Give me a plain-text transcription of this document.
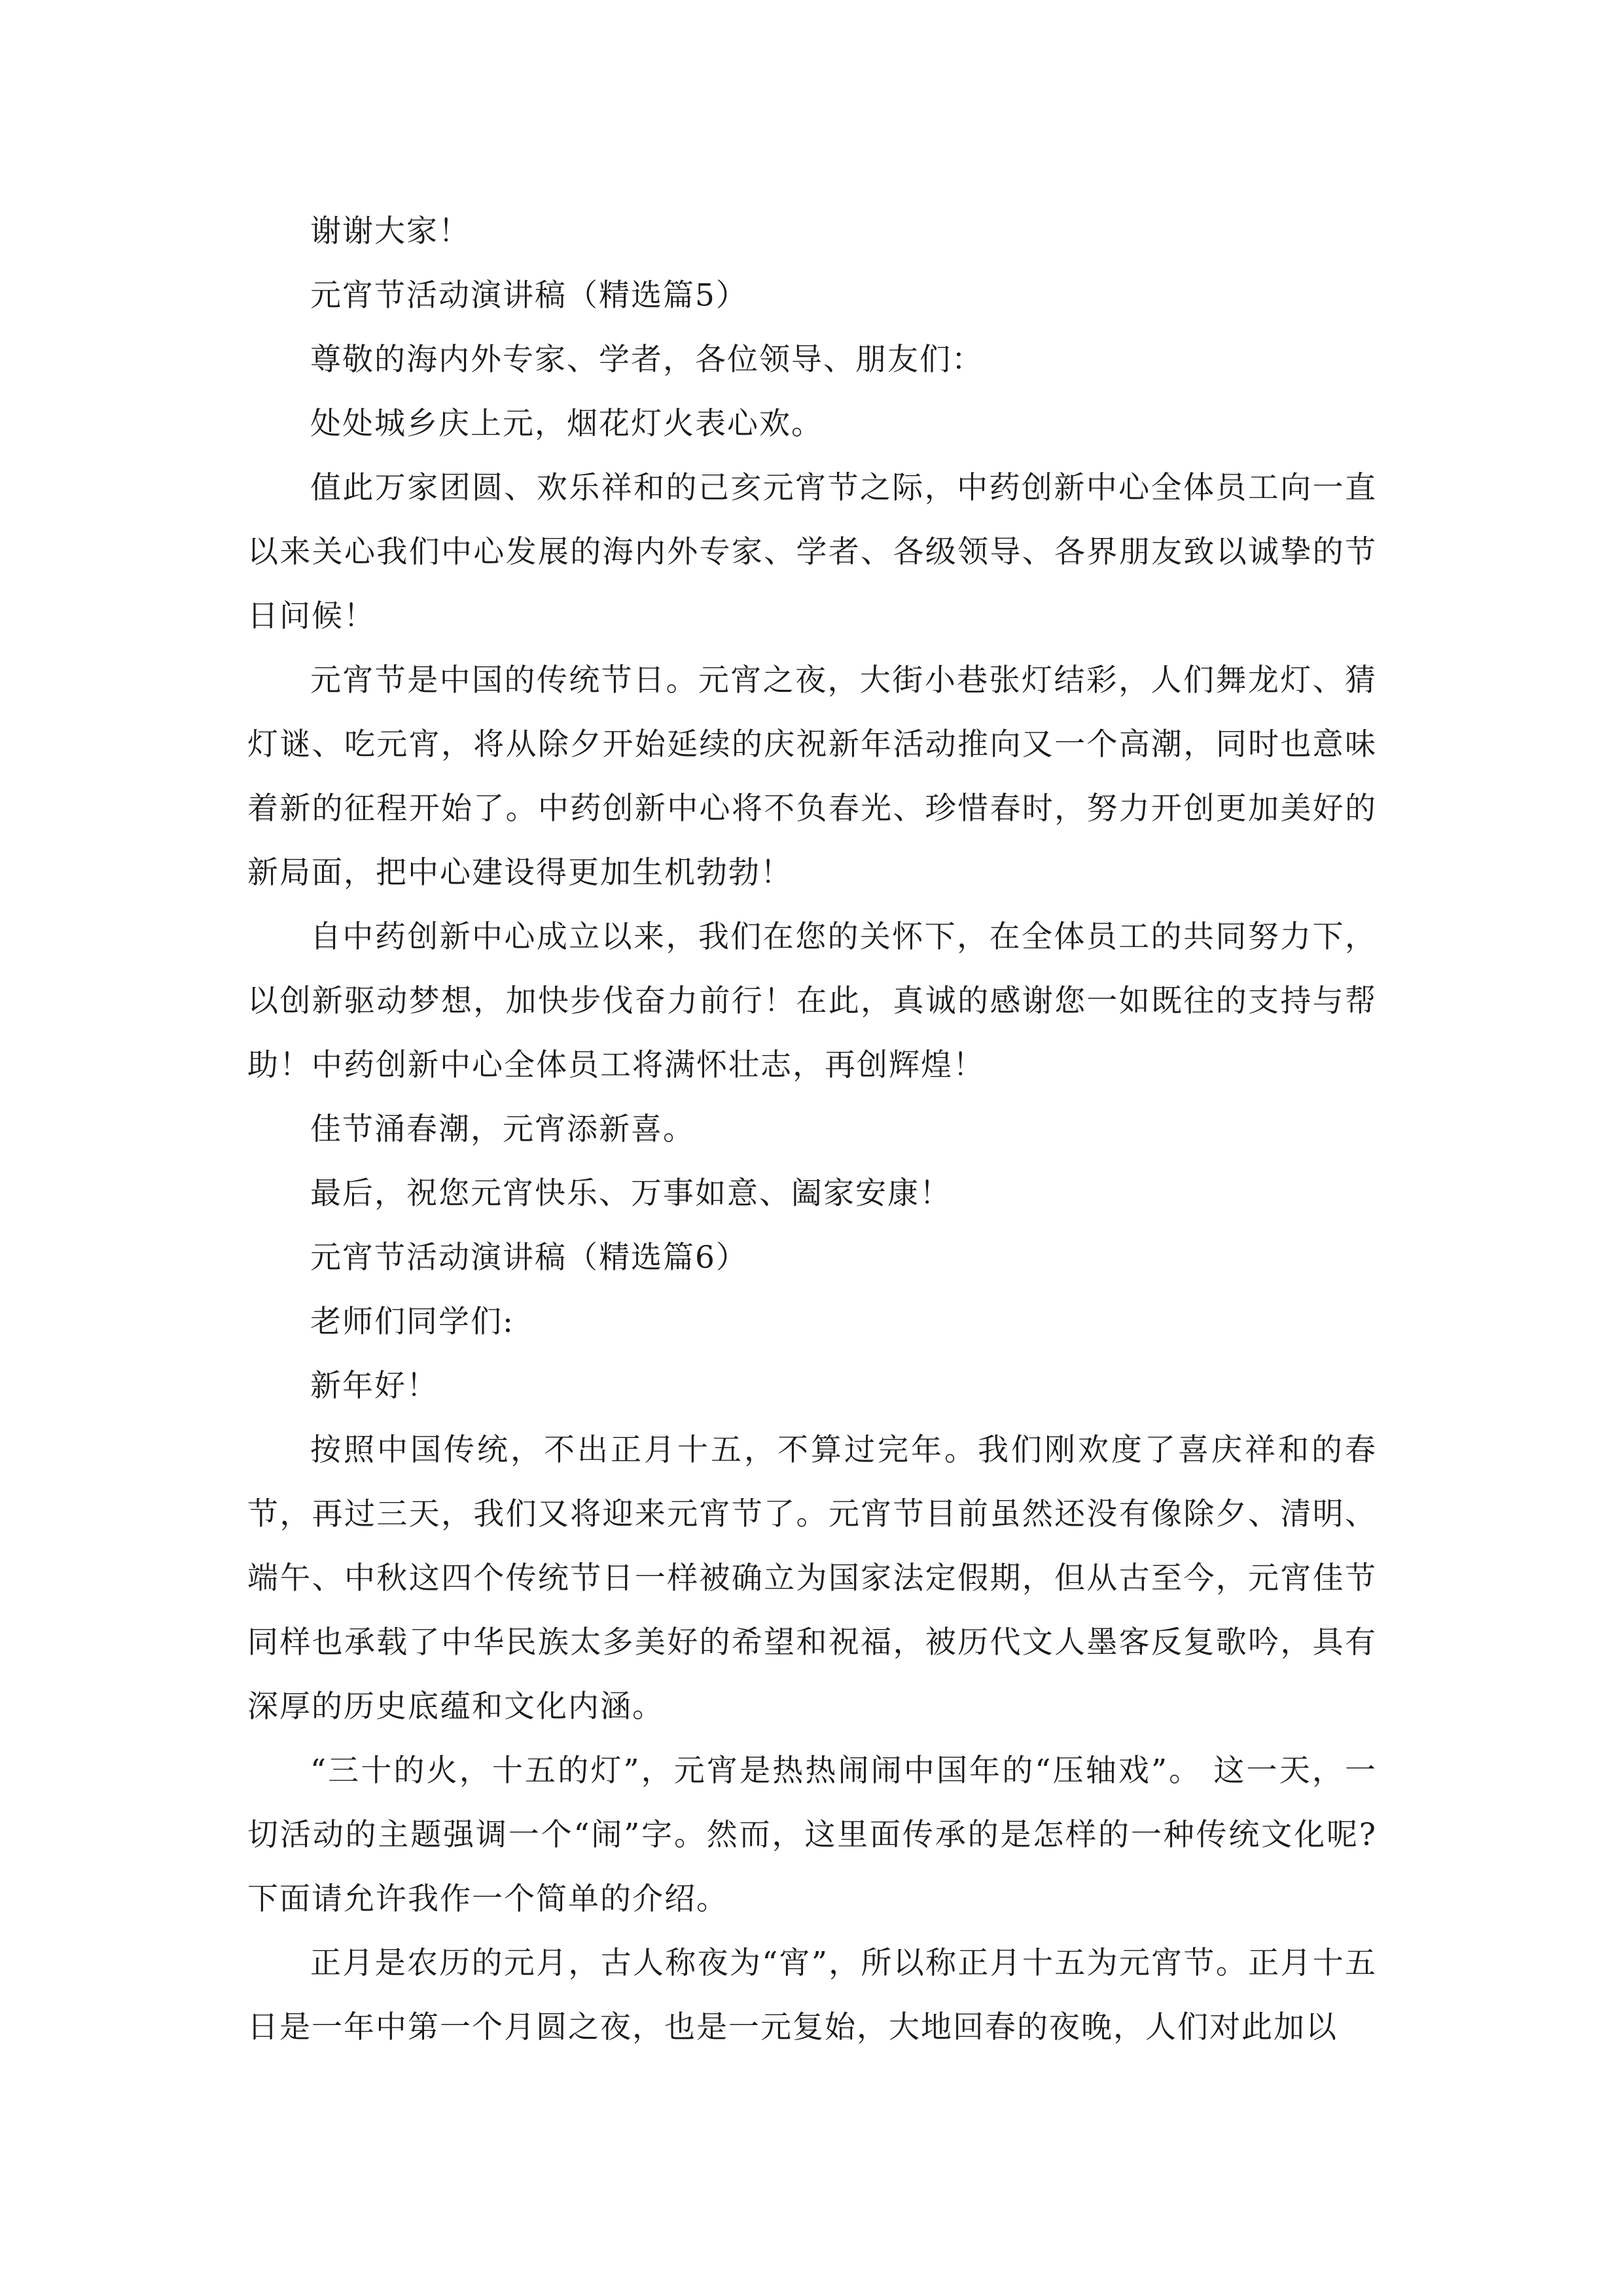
谢谢大家！

元宵节活动演讲稿（精选篇5）

尊敬的海内外专家、学者，各位领导、朋友们：

处处城乡庆上元，烟花灯火表心欢。

值此万家团圆、欢乐祥和的己亥元宵节之际，中药创新中心全体员工向一直以来关心我们中心发展的海内外专家、学者、各级领导、各界朋友致以诚挚的节日问候！

元宵节是中国的传统节日。元宵之夜，大街小巷张灯结彩，人们舞龙灯、猜灯谜、吃元宵，将从除夕开始延续的庆祝新年活动推向又一个高潮，同时也意味着新的征程开始了。中药创新中心将不负春光、珍惜春时，努力开创更加美好的新局面，把中心建设得更加生机勃勃！

自中药创新中心成立以来，我们在您的关怀下，在全体员工的共同努力下，以创新驱动梦想，加快步伐奋力前行！在此，真诚的感谢您一如既往的支持与帮助！中药创新中心全体员工将满怀壮志，再创辉煌！

佳节涌春潮，元宵添新喜。

最后，祝您元宵快乐、万事如意、阖家安康！

元宵节活动演讲稿（精选篇6）

老师们同学们:

新年好！

按照中国传统，不出正月十五，不算过完年。我们刚欢度了喜庆祥和的春节，再过三天，我们又将迎来元宵节了。元宵节目前虽然还没有像除夕、清明、端午、中秋这四个传统节日一样被确立为国家法定假期，但从古至今，元宵佳节同样也承载了中华民族太多美好的希望和祝福，被历代文人墨客反复歌吟，具有深厚的历史底蕴和文化内涵。

“三十的火，十五的灯”，元宵是热热闹闹中国年的“压轴戏”。 这一天，一切活动的主题强调一个“闹”字。然而，这里面传承的是怎样的一种传统文化呢?下面请允许我作一个简单的介绍。

正月是农历的元月，古人称夜为“宵”，所以称正月十五为元宵节。正月十五日是一年中第一个月圆之夜，也是一元复始，大地回春的夜晚，人们对此加以
